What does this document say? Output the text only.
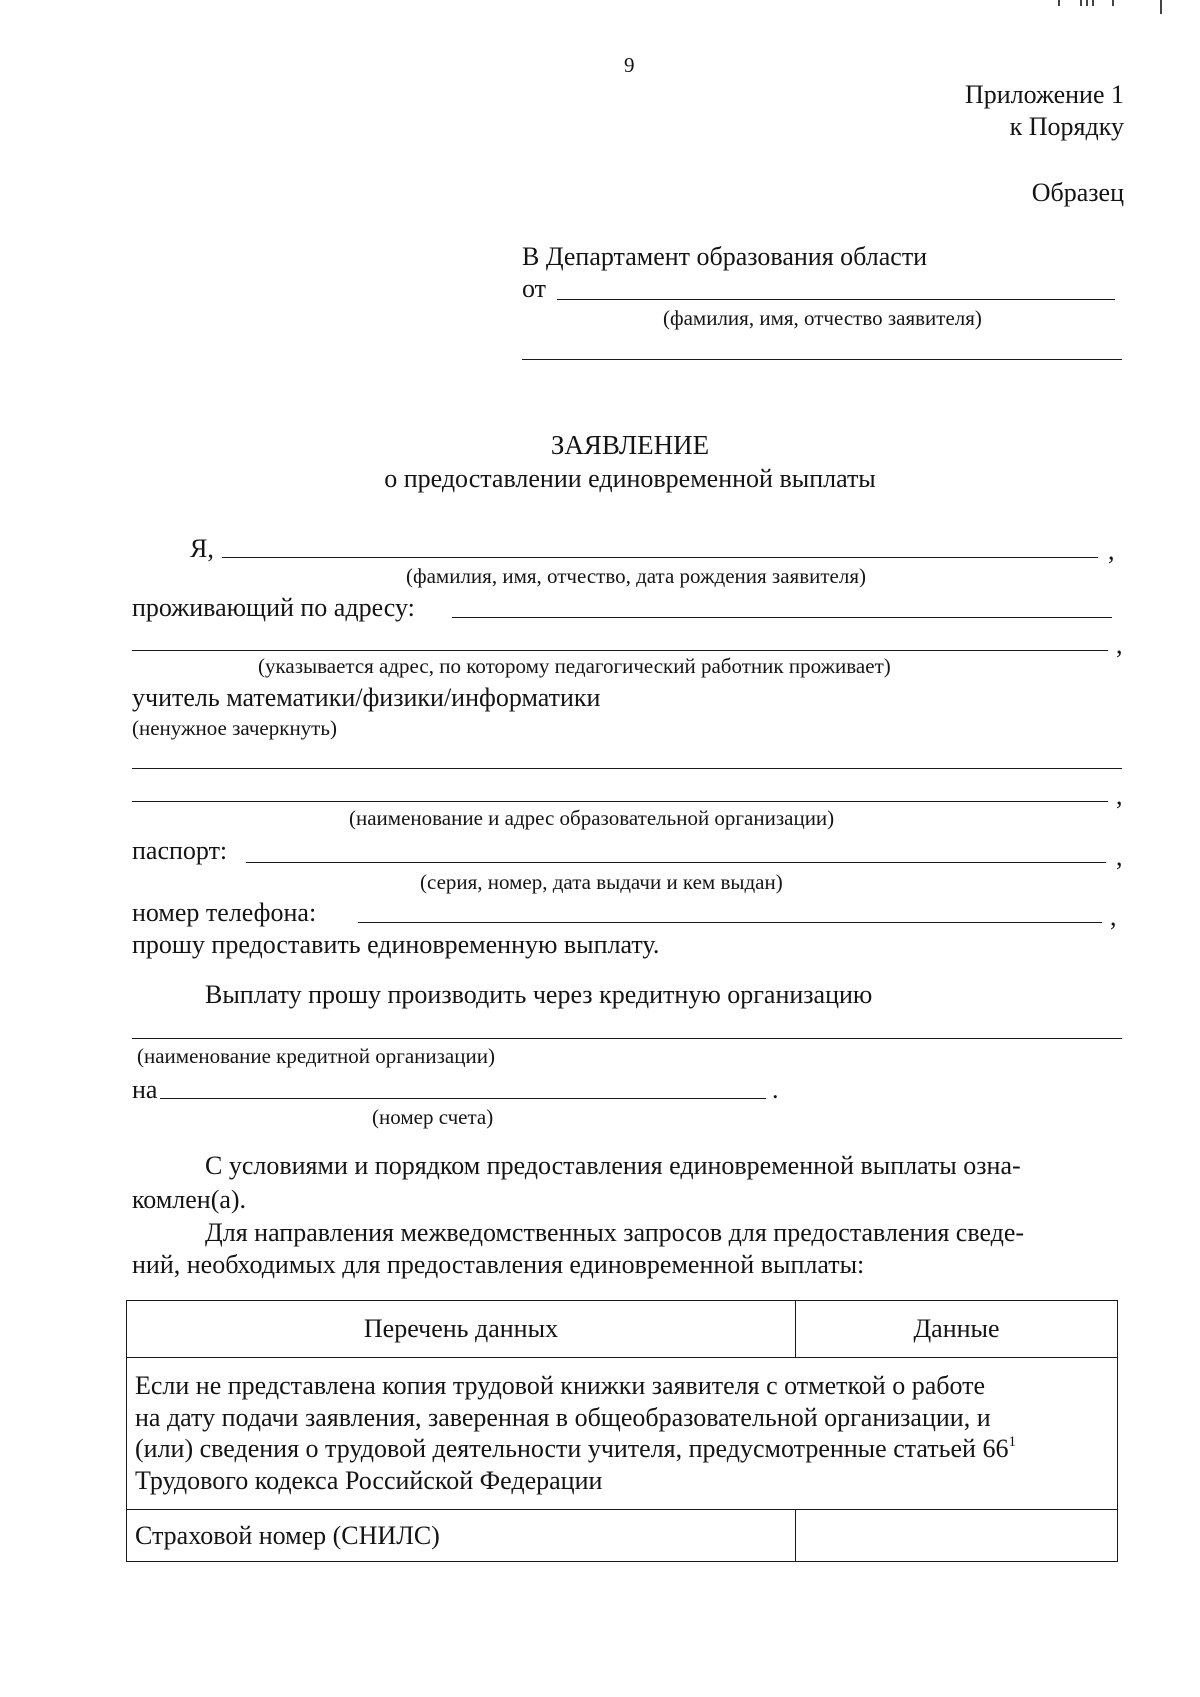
9
Приложение 1
к Порядку
Образец
В Департамент образования области
от
(фамилия, имя, отчество заявителя)
ЗАЯВЛЕНИЕ
о предоставлении единовременной выплаты
Я,	,
(фамилия, имя, отчество, дата рождения заявителя)
проживающий по адресу:
,
(указывается адрес, по которому педагогический работник проживает)
учитель математики/физики/информатики
(ненужное зачеркнуть)
,
(наименование и адрес образовательной организации)
паспорт:	,
(серия, номер, дата выдачи и кем выдан)
номер телефона:	,
прошу предоставить единовременную выплату.
Выплату прошу производить через кредитную организацию
(наименование кредитной организации)
на	.
(номер счета)
С условиями и порядком предоставления единовременной выплаты озна-
комлен(а).
Для направления межведомственных запросов для предоставления сведе-
ний, необходимых для предоставления единовременной выплаты:
Перечень данных	Данные
Если не представлена копия трудовой книжки заявителя с отметкой о работе
на дату подачи заявления, заверенная в общеобразовательной организации, и
(или) сведения о трудовой деятельности учителя, предусмотренные статьей $66^1$
Трудового кодекса Российской Федерации	
Страховой номер (СНИЛС)	
